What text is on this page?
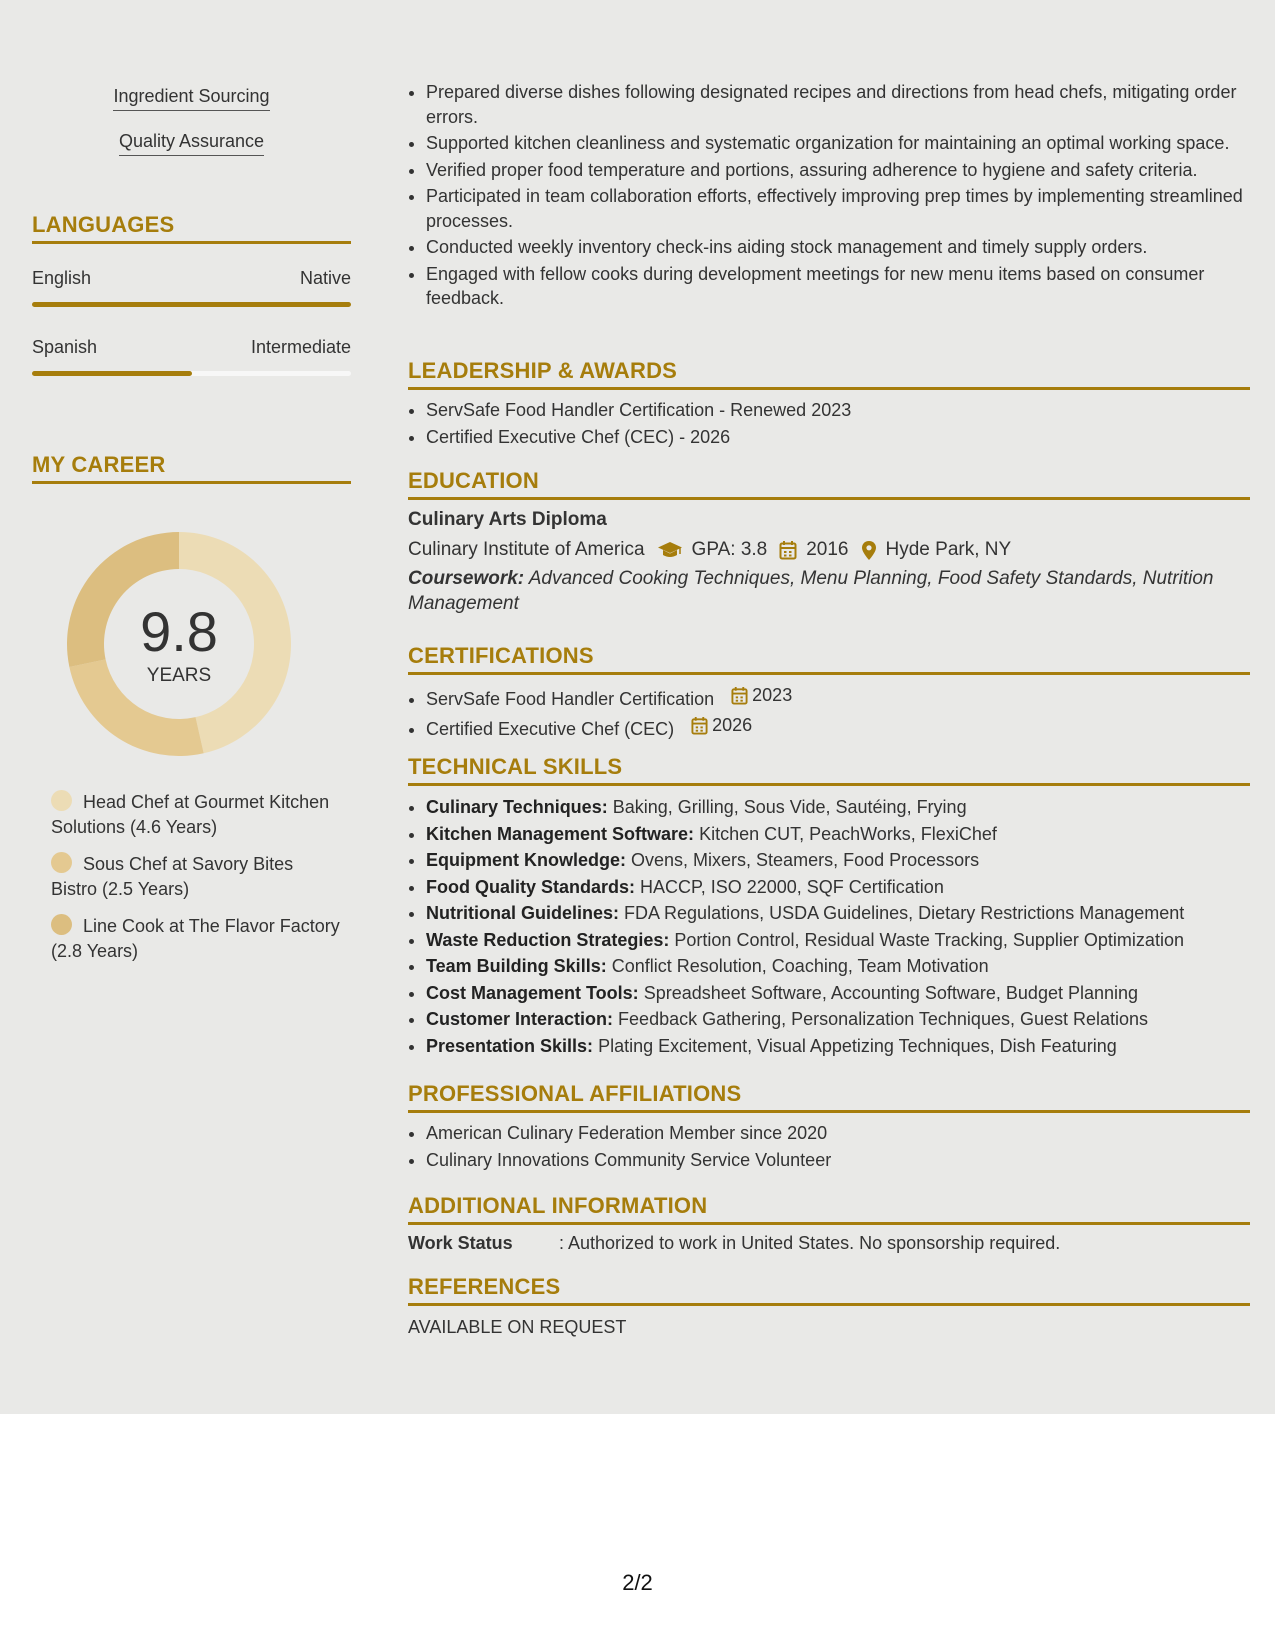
Ingredient Sourcing
Quality Assurance
LANGUAGES
English	Native
Spanish	Intermediate
MY CAREER
9.8
YEARS
Head Chef at Gourmet Kitchen Solutions (4.6 Years)
Sous Chef at Savory Bites Bistro (2.5 Years)
Line Cook at The Flavor Factory (2.8 Years)
• Prepared diverse dishes following designated recipes and directions from head chefs, mitigating order errors.
• Supported kitchen cleanliness and systematic organization for maintaining an optimal working space.
• Verified proper food temperature and portions, assuring adherence to hygiene and safety criteria.
• Participated in team collaboration efforts, effectively improving prep times by implementing streamlined processes.
• Conducted weekly inventory check-ins aiding stock management and timely supply orders.
• Engaged with fellow cooks during development meetings for new menu items based on consumer feedback.
LEADERSHIP & AWARDS
• ServSafe Food Handler Certification - Renewed 2023
• Certified Executive Chef (CEC) - 2026
EDUCATION
Culinary Arts Diploma
Culinary Institute of America GPA: 3.8 2016 Hyde Park, NY
Coursework: Advanced Cooking Techniques, Menu Planning, Food Safety Standards, Nutrition Management
CERTIFICATIONS
• ServSafe Food Handler Certification 2023
• Certified Executive Chef (CEC) 2026
TECHNICAL SKILLS
• Culinary Techniques: Baking, Grilling, Sous Vide, Sautéing, Frying
• Kitchen Management Software: Kitchen CUT, PeachWorks, FlexiChef
• Equipment Knowledge: Ovens, Mixers, Steamers, Food Processors
• Food Quality Standards: HACCP, ISO 22000, SQF Certification
• Nutritional Guidelines: FDA Regulations, USDA Guidelines, Dietary Restrictions Management
• Waste Reduction Strategies: Portion Control, Residual Waste Tracking, Supplier Optimization
• Team Building Skills: Conflict Resolution, Coaching, Team Motivation
• Cost Management Tools: Spreadsheet Software, Accounting Software, Budget Planning
• Customer Interaction: Feedback Gathering, Personalization Techniques, Guest Relations
• Presentation Skills: Plating Excitement, Visual Appetizing Techniques, Dish Featuring
PROFESSIONAL AFFILIATIONS
• American Culinary Federation Member since 2020
• Culinary Innovations Community Service Volunteer
ADDITIONAL INFORMATION
Work Status	: Authorized to work in United States. No sponsorship required.
REFERENCES
AVAILABLE ON REQUEST
2/2
